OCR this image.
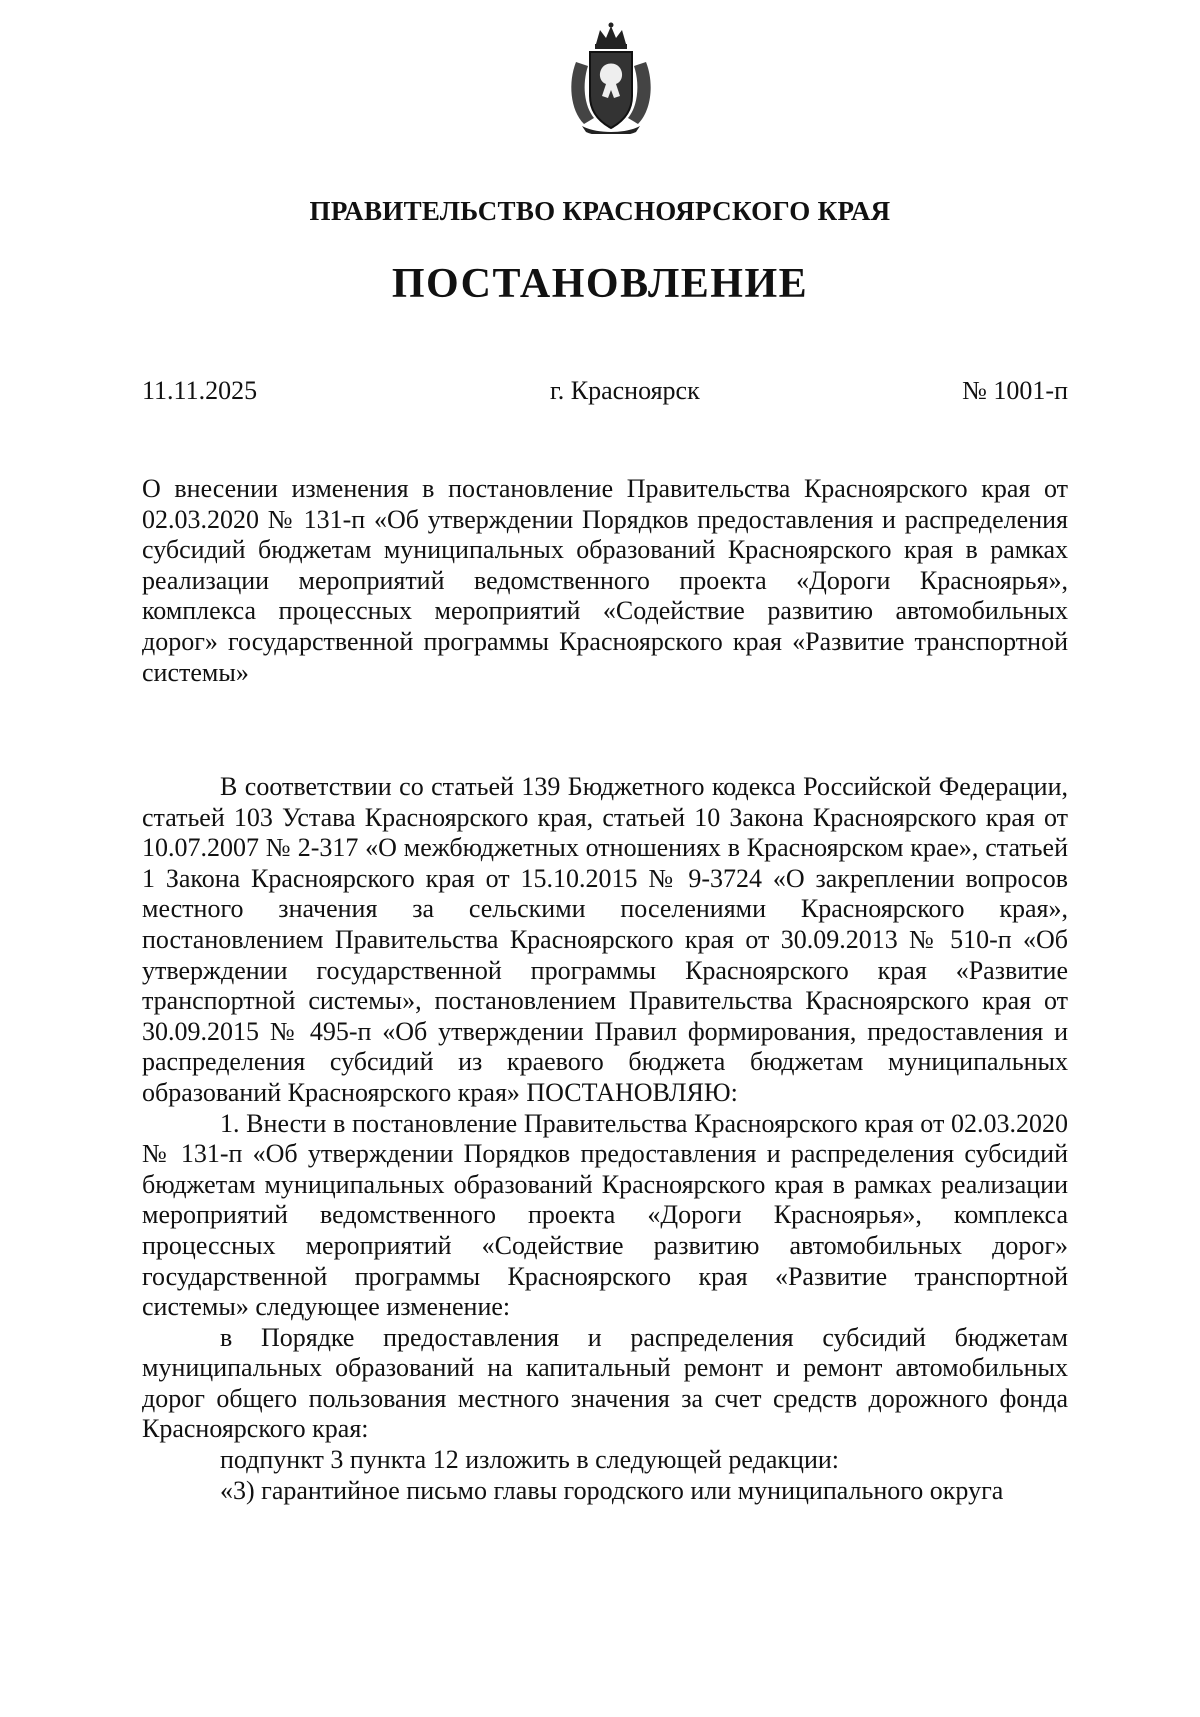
ПРАВИТЕЛЬСТВО КРАСНОЯРСКОГО КРАЯ
ПОСТАНОВЛЕНИЕ
11.11.2025	г. Красноярск	№ 1001-п

О внесении изменения в постановление Правительства Красноярского края от 02.03.2020 № 131-п «Об утверждении Порядков предоставления и распределения субсидий бюджетам муниципальных образований Красноярского края в рамках реализации мероприятий ведомственного проекта «Дороги Красноярья», комплекса процессных мероприятий «Содействие развитию автомобильных дорог» государственной программы Красноярского края «Развитие транспортной системы»

В соответствии со статьей 139 Бюджетного кодекса Российской Федерации, статьей 103 Устава Красноярского края, статьей 10 Закона Красноярского края от 10.07.2007 № 2-317 «О межбюджетных отношениях в Красноярском крае», статьей 1 Закона Красноярского края от 15.10.2015 № 9-3724 «О закреплении вопросов местного значения за сельскими поселениями Красноярского края», постановлением Правительства Красноярского края от 30.09.2013 № 510-п «Об утверждении государственной программы Красноярского края «Развитие транспортной системы», постановлением Правительства Красноярского края от 30.09.2015 № 495-п «Об утверждении Правил формирования, предоставления и распределения субсидий из краевого бюджета бюджетам муниципальных образований Красноярского края» ПОСТАНОВЛЯЮ:

1. Внести в постановление Правительства Красноярского края от 02.03.2020 № 131-п «Об утверждении Порядков предоставления и распределения субсидий бюджетам муниципальных образований Красноярского края в рамках реализации мероприятий ведомственного проекта «Дороги Красноярья», комплекса процессных мероприятий «Содействие развитию автомобильных дорог» государственной программы Красноярского края «Развитие транспортной системы» следующее изменение:

в Порядке предоставления и распределения субсидий бюджетам муниципальных образований на капитальный ремонт и ремонт автомобильных дорог общего пользования местного значения за счет средств дорожного фонда Красноярского края:

подпункт 3 пункта 12 изложить в следующей редакции:

«3) гарантийное письмо главы городского или муниципального округа
